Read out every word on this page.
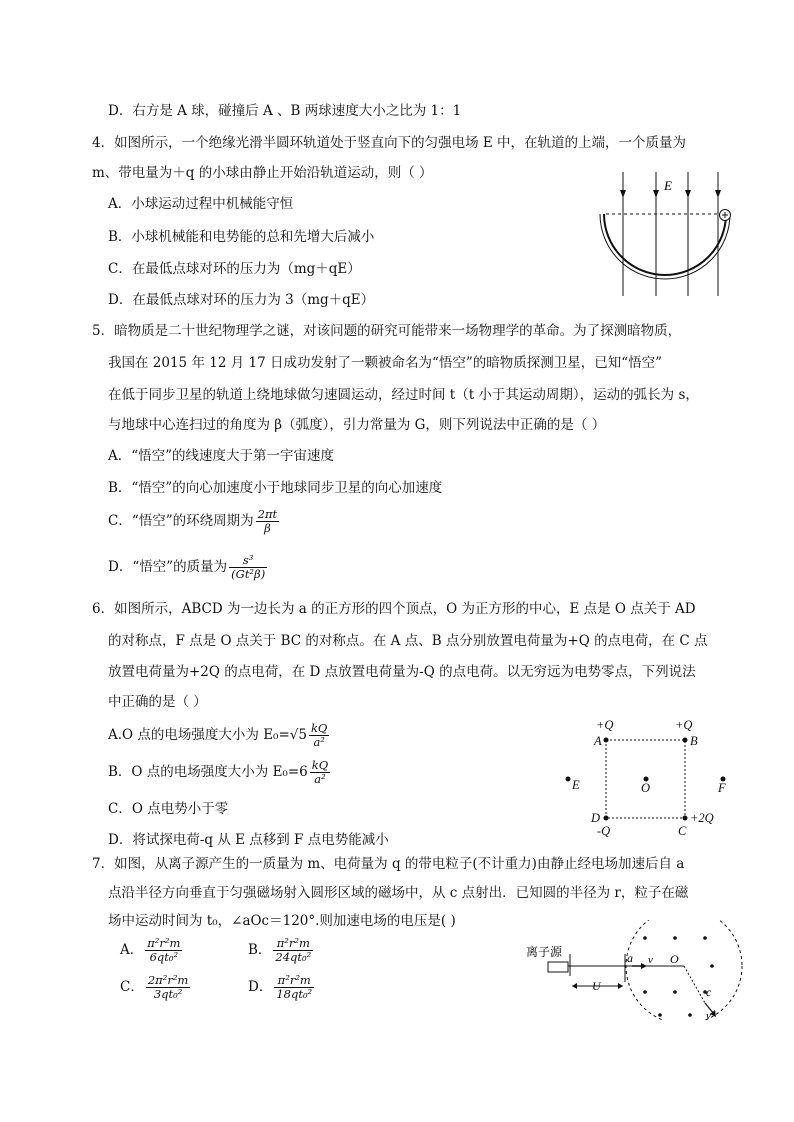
D．右方是 A 球，碰撞后 A 、B 两球速度大小之比为 1：1
4．如图所示，一个绝缘光滑半圆环轨道处于竖直向下的匀强电场 E 中，在轨道的上端，一个质量为
m、带电量为＋q 的小球由静止开始沿轨道运动，则（ ）
A．小球运动过程中机械能守恒
B．小球机械能和电势能的总和先增大后减小
C．在最低点球对环的压力为（mg＋qE）
D．在最低点球对环的压力为 3（mg＋qE）
E
5．暗物质是二十世纪物理学之谜，对该问题的研究可能带来一场物理学的革命。为了探测暗物质，
我国在 2015 年 12 月 17 日成功发射了一颗被命名为“悟空”的暗物质探测卫星，已知“悟空”
在低于同步卫星的轨道上绕地球做匀速圆运动，经过时间 t（t 小于其运动周期），运动的弧长为 s，
与地球中心连扫过的角度为 β（弧度），引力常量为 G，则下列说法中正确的是（ ）
A．“悟空”的线速度大于第一宇宙速度
B．“悟空”的向心加速度小于地球同步卫星的向心加速度
C．“悟空”的环绕周期为 $\frac{2\pi t}{\beta}$
D．“悟空”的质量为 $\frac{\text{s³}}{\text{(Gt²β)}}$
6．如图所示，ABCD 为一边长为 a 的正方形的四个顶点，O 为正方形的中心，E 点是 O 点关于 AD
的对称点，F 点是 O 点关于 BC 的对称点。在 A 点、B 点分别放置电荷量为+Q 的点电荷，在 C 点
放置电荷量为+2Q 的点电荷，在 D 点放置电荷量为-Q 的点电荷。以无穷远为电势零点，下列说法
中正确的是（ ）
A.O 点的电场强度大小为 $E_0=√5 \frac{kQ}{\text{a²}}$
B．O 点的电场强度大小为 $E_0=6 \frac{kQ}{\text{a²}}$
C．O 点电势小于零
D．将试探电荷-q 从 E 点移到 F 点电势能减小
+Q	+Q
A	B
E	O	F
D	+2Q
-Q	C
7．如图，从离子源产生的一质量为 m、电荷量为 q 的带电粒子(不计重力)由静止经电场加速后自 a
点沿半径方向垂直于匀强磁场射入圆形区域的磁场中，从 c 点射出．已知圆的半径为 r，粒子在磁
场中运动时间为 t₀，∠aOc＝120°.则加速电场的电压是( )
A． $\frac{\text{π²r²m}}{\text{6qt₀²}}$	B． $\frac{\text{π²r²m}}{\text{24qt₀²}}$
C． $\frac{\text{2π²r²m}}{\text{3qt₀²}}$	D． $\frac{\text{π²r²m}}{\text{18qt₀²}}$
离子源
U
a v O
c
v
